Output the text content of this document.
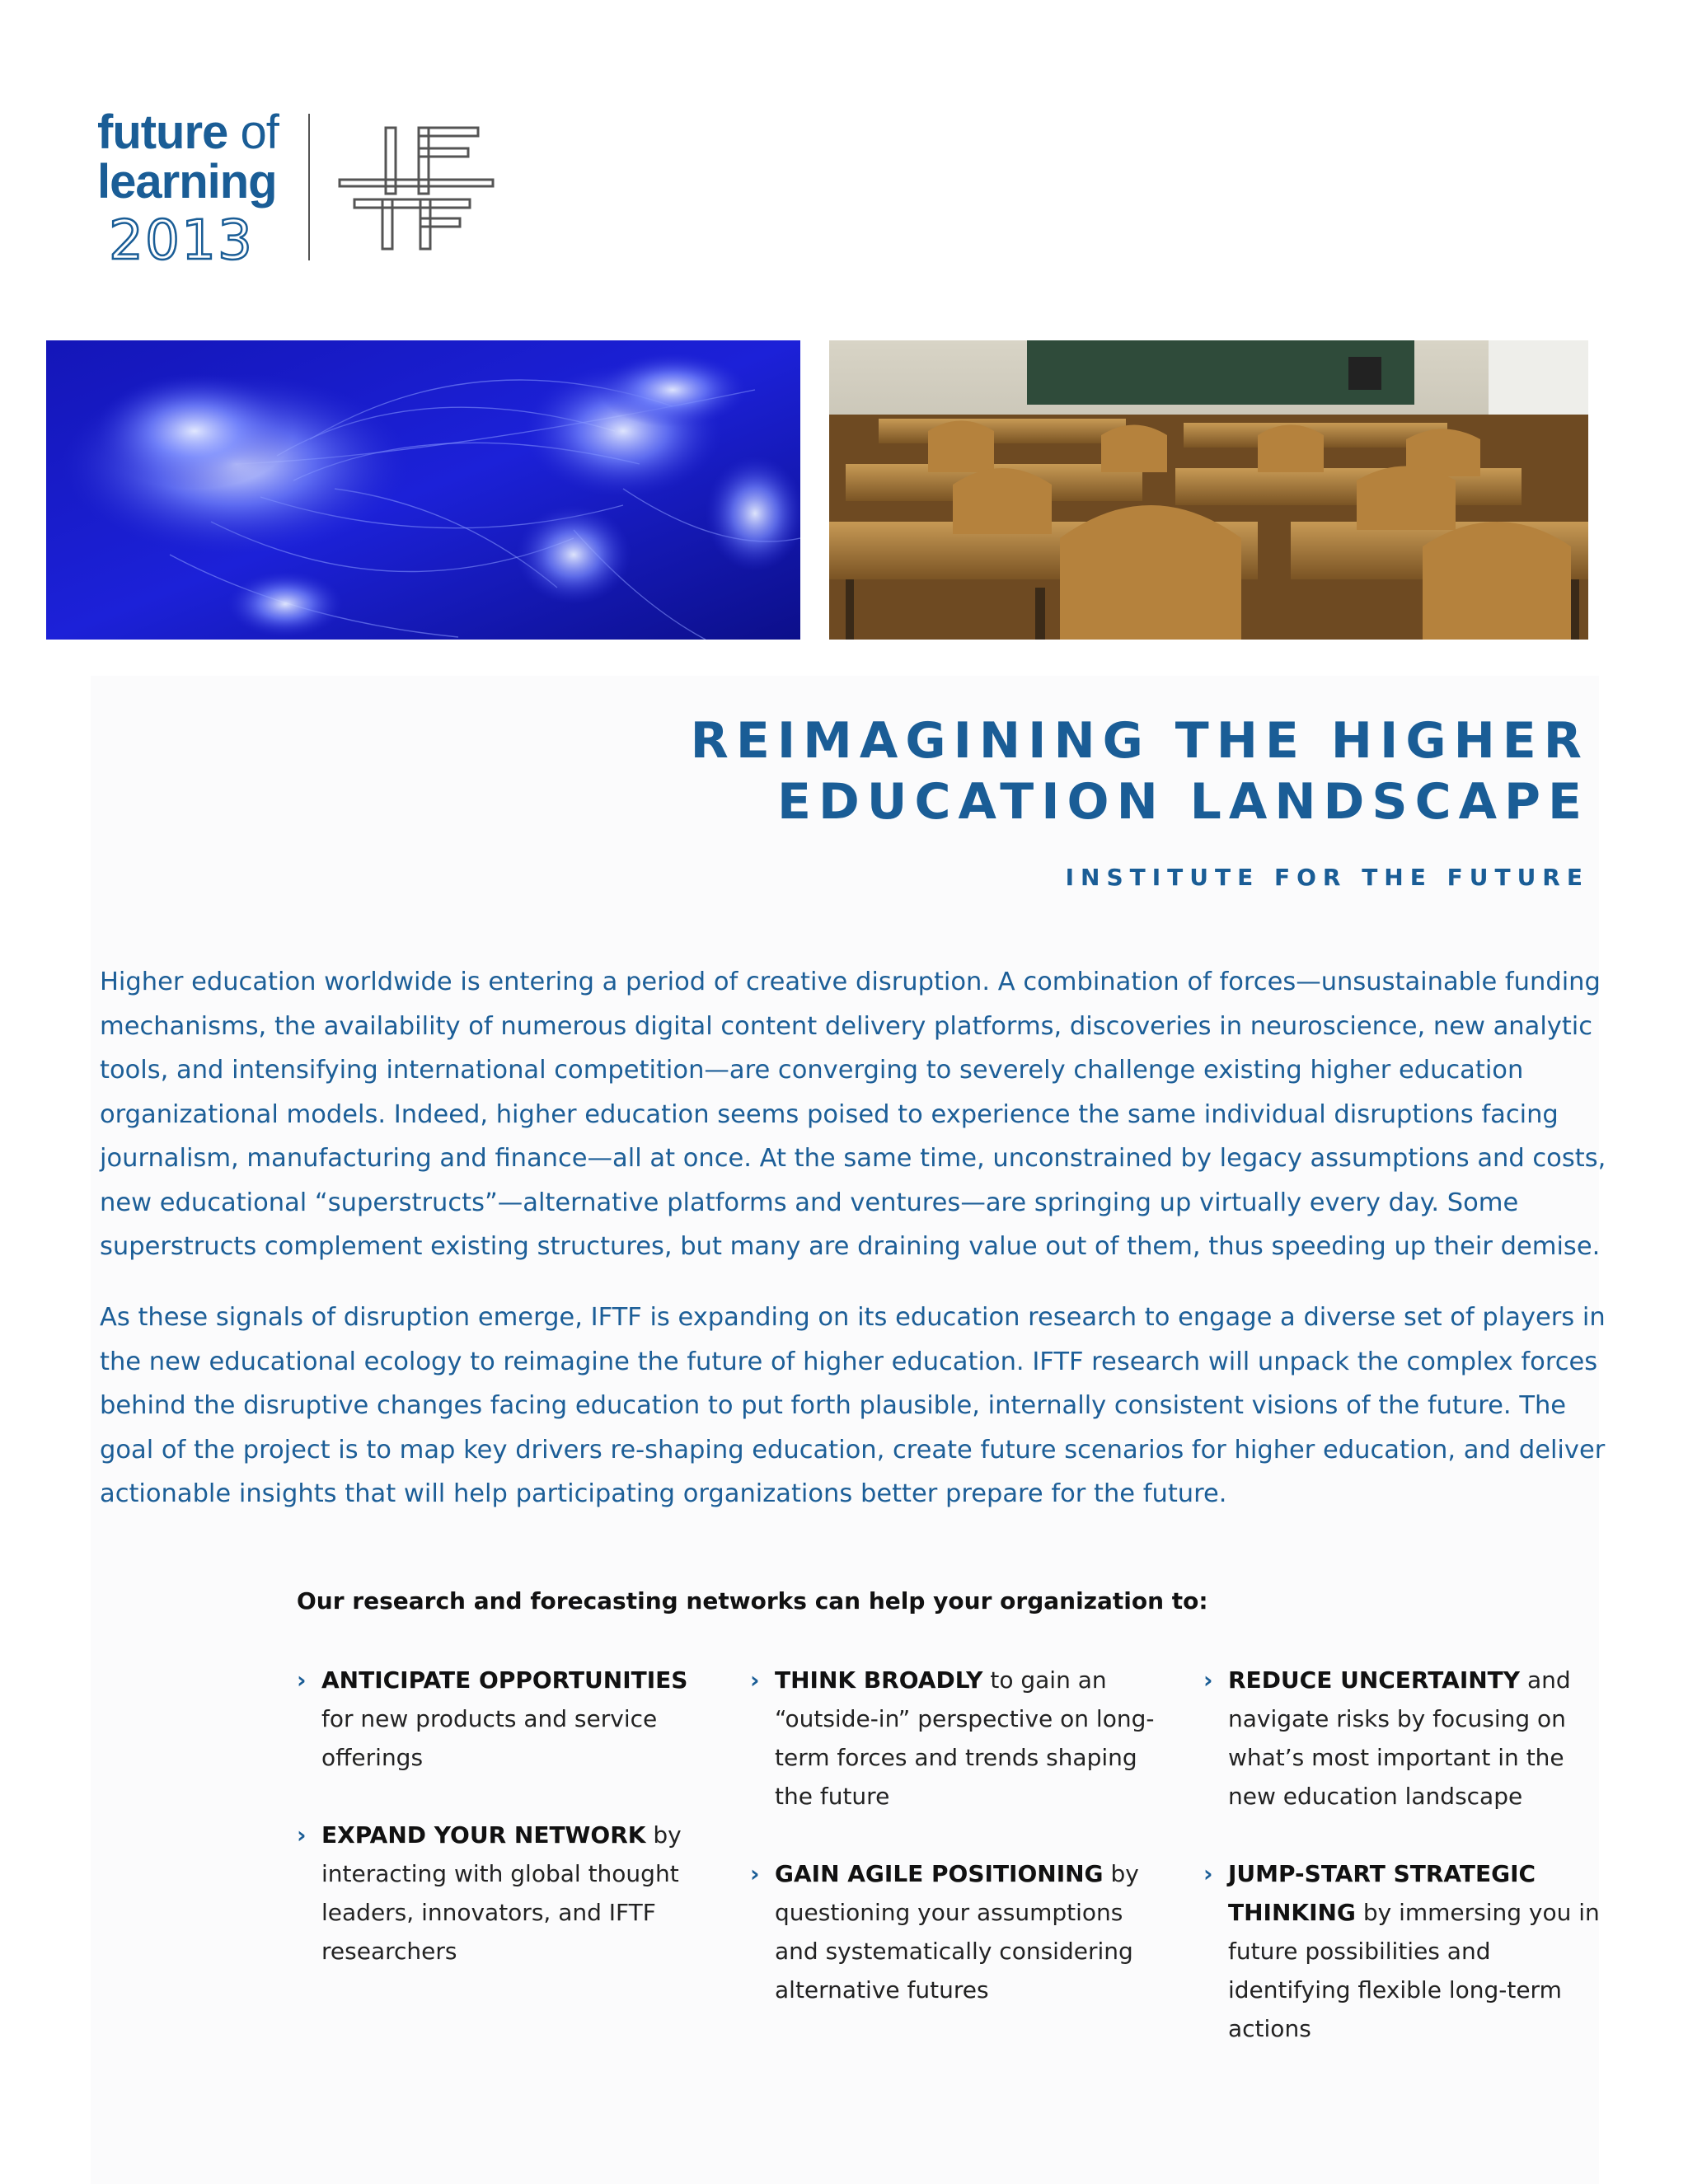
future of
learning
2013
REIMAGINING THE HIGHER EDUCATION LANDSCAPE
INSTITUTE FOR THE FUTURE

Higher education worldwide is entering a period of creative disruption. A combination of forces—unsustainable funding mechanisms, the availability of numerous digital content delivery platforms, discoveries in neuroscience, new analytic tools, and intensifying international competition—are converging to severely challenge existing higher education organizational models. Indeed, higher education seems poised to experience the same individual disruptions facing journalism, manufacturing and finance—all at once. At the same time, unconstrained by legacy assumptions and costs, new educational “superstructs”—alternative platforms and ventures—are springing up virtually every day. Some superstructs complement existing structures, but many are draining value out of them, thus speeding up their demise.

As these signals of disruption emerge, IFTF is expanding on its education research to engage a diverse set of players in the new educational ecology to reimagine the future of higher education. IFTF research will unpack the complex forces behind the disruptive changes facing education to put forth plausible, internally consistent visions of the future. The goal of the project is to map key drivers re-shaping education, create future scenarios for higher education, and deliver actionable insights that will help participating organizations better prepare for the future.

Our research and forecasting networks can help your organization to:
› ANTICIPATE OPPORTUNITIES for new products and service offerings
› EXPAND YOUR NETWORK by interacting with global thought leaders, innovators, and IFTF researchers
› THINK BROADLY to gain an “outside-in” perspective on long-term forces and trends shaping the future
› GAIN AGILE POSITIONING by questioning your assumptions and systematically considering alternative futures
› REDUCE UNCERTAINTY and navigate risks by focusing on what’s most important in the new education landscape
› JUMP-START STRATEGIC THINKING by immersing you in future possibilities and identifying flexible long-term actions
